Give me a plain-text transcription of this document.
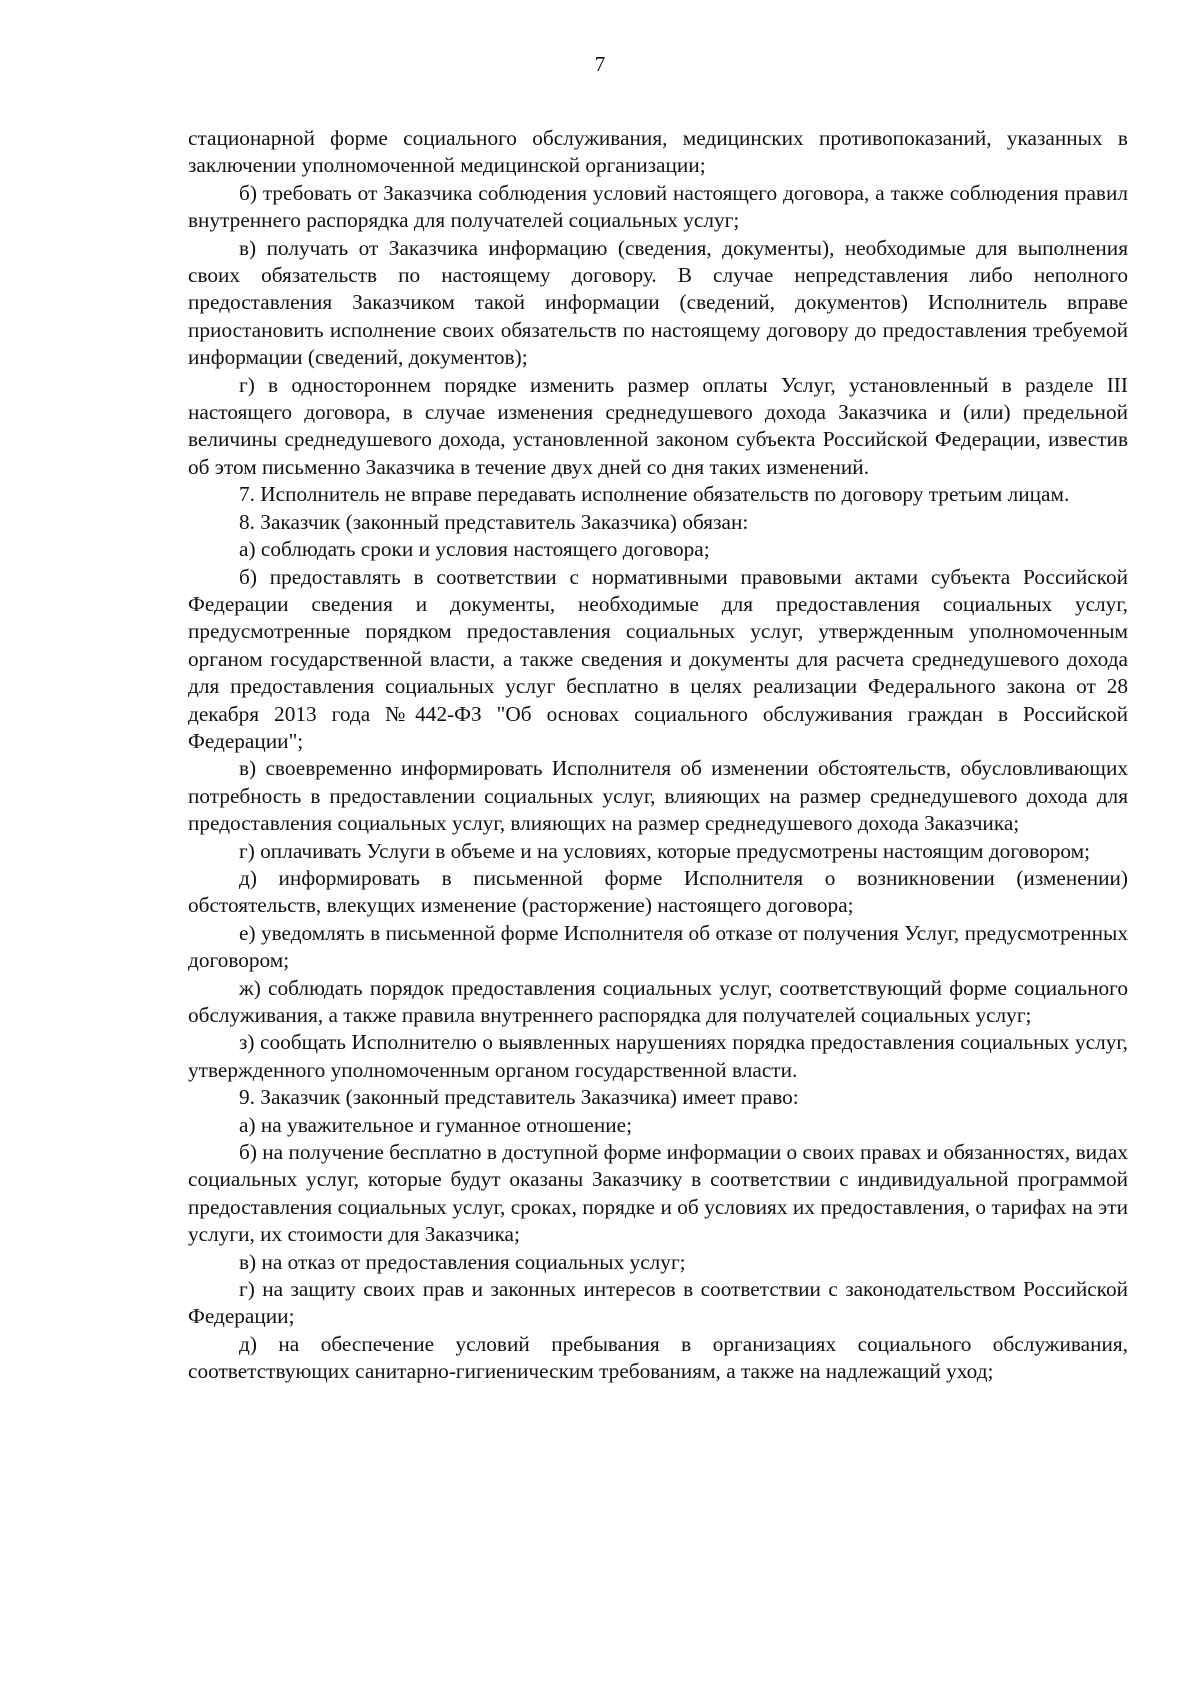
7

стационарной форме социального обслуживания, медицинских противопоказаний, указанных в заключении уполномоченной медицинской организации;

б) требовать от Заказчика соблюдения условий настоящего договора, а также соблюдения правил внутреннего распорядка для получателей социальных услуг;

в) получать от Заказчика информацию (сведения, документы), необходимые для выполнения своих обязательств по настоящему договору. В случае непредставления либо неполного предоставления Заказчиком такой информации (сведений, документов) Исполнитель вправе приостановить исполнение своих обязательств по настоящему договору до предоставления требуемой информации (сведений, документов);

г) в одностороннем порядке изменить размер оплаты Услуг, установленный в разделе III настоящего договора, в случае изменения среднедушевого дохода Заказчика и (или) предельной величины среднедушевого дохода, установленной законом субъекта Российской Федерации, известив об этом письменно Заказчика в течение двух дней со дня таких изменений.

7. Исполнитель не вправе передавать исполнение обязательств по договору третьим лицам.

8. Заказчик (законный представитель Заказчика) обязан:

а) соблюдать сроки и условия настоящего договора;

б) предоставлять в соответствии с нормативными правовыми актами субъекта Российской Федерации сведения и документы, необходимые для предоставления социальных услуг, предусмотренные порядком предоставления социальных услуг, утвержденным уполномоченным органом государственной власти, а также сведения и документы для расчета среднедушевого дохода для предоставления социальных услуг бесплатно в целях реализации Федерального закона от 28 декабря 2013 года №442-ФЗ "Об основах социального обслуживания граждан в Российской Федерации";

в) своевременно информировать Исполнителя об изменении обстоятельств, обусловливающих потребность в предоставлении социальных услуг, влияющих на размер среднедушевого дохода для предоставления социальных услуг, влияющих на размер среднедушевого дохода Заказчика;

г) оплачивать Услуги в объеме и на условиях, которые предусмотрены настоящим договором;

д) информировать в письменной форме Исполнителя о возникновении (изменении) обстоятельств, влекущих изменение (расторжение) настоящего договора;

е) уведомлять в письменной форме Исполнителя об отказе от получения Услуг, предусмотренных договором;

ж) соблюдать порядок предоставления социальных услуг, соответствующий форме социального обслуживания, а также правила внутреннего распорядка для получателей социальных услуг;

з) сообщать Исполнителю о выявленных нарушениях порядка предоставления социальных услуг, утвержденного уполномоченным органом государственной власти.

9. Заказчик (законный представитель Заказчика) имеет право:

а) на уважительное и гуманное отношение;

б) на получение бесплатно в доступной форме информации о своих правах и обязанностях, видах социальных услуг, которые будут оказаны Заказчику в соответствии с индивидуальной программой предоставления социальных услуг, сроках, порядке и об условиях их предоставления, о тарифах на эти услуги, их стоимости для Заказчика;

в) на отказ от предоставления социальных услуг;

г) на защиту своих прав и законных интересов в соответствии с законодательством Российской Федерации;

д) на обеспечение условий пребывания в организациях социального обслуживания, соответствующих санитарно-гигиеническим требованиям, а также на надлежащий уход;
